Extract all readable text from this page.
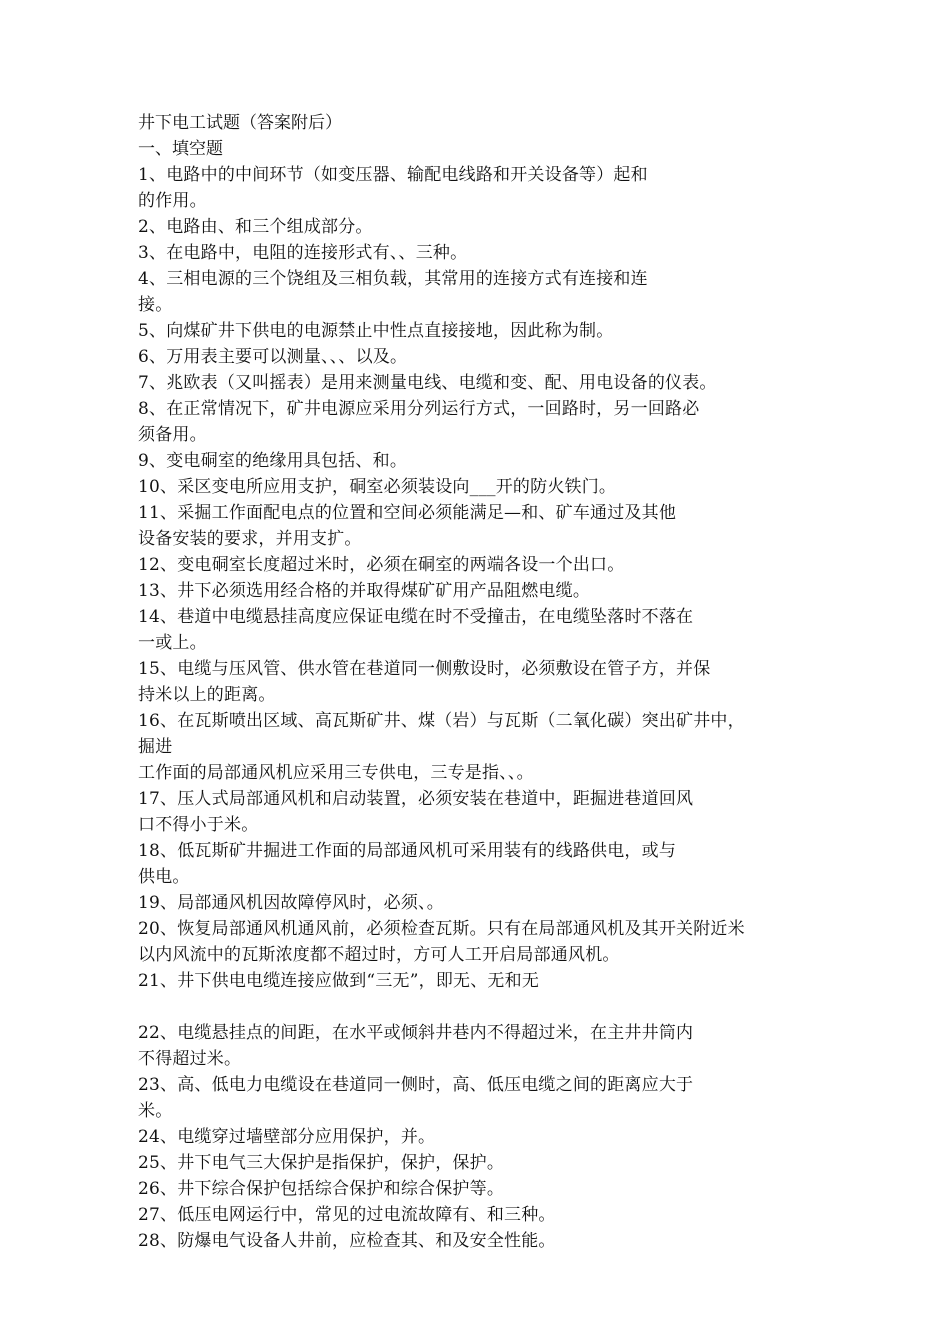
井下电工试题（答案附后）
一、填空题
1、电路中的中间环节（如变压器、输配电线路和开关设备等）起和
的作用。
2、电路由、和三个组成部分。
3、在电路中，电阻的连接形式有、、三种。
4、三相电源的三个饶组及三相负载，其常用的连接方式有连接和连
接。
5、向煤矿井下供电的电源禁止中性点直接接地，因此称为制。
6、万用表主要可以测量、、、以及。
7、兆欧表（又叫摇表）是用来测量电线、电缆和变、配、用电设备的仪表。
8、在正常情况下，矿井电源应采用分列运行方式，一回路时，另一回路必
须备用。
9、变电硐室的绝缘用具包括、和。
10、采区变电所应用支护，硐室必须装设向___开的防火铁门。
11、采掘工作面配电点的位置和空间必须能满足—和、矿车通过及其他
设备安装的要求，并用支扩。
12、变电硐室长度超过米时，必须在硐室的两端各设一个出口。
13、井下必须选用经合格的并取得煤矿矿用产品阻燃电缆。
14、巷道中电缆悬挂高度应保证电缆在时不受撞击，在电缆坠落时不落在
一或上。
15、电缆与压风管、供水管在巷道同一侧敷设时，必须敷设在管子方，并保
持米以上的距离。
16、在瓦斯喷出区域、高瓦斯矿井、煤（岩）与瓦斯（二氧化碳）突出矿井中，
掘进
工作面的局部通风机应采用三专供电，三专是指、、。
17、压人式局部通风机和启动装置，必须安装在巷道中，距掘进巷道回风
口不得小于米。
18、低瓦斯矿井掘进工作面的局部通风机可采用装有的线路供电，或与
供电。
19、局部通风机因故障停风时，必须、。
20、恢复局部通风机通风前，必须检查瓦斯。只有在局部通风机及其开关附近米
以内风流中的瓦斯浓度都不超过时，方可人工开启局部通风机。
21、井下供电电缆连接应做到“三无”，即无、无和无
22、电缆悬挂点的间距，在水平或倾斜井巷内不得超过米，在主井井筒内
不得超过米。
23、高、低电力电缆设在巷道同一侧时，高、低压电缆之间的距离应大于
米。
24、电缆穿过墙壁部分应用保护，并。
25、井下电气三大保护是指保护，保护，保护。
26、井下综合保护包括综合保护和综合保护等。
27、低压电网运行中，常见的过电流故障有、和三种。
28、防爆电气设备人井前，应检查其、和及安全性能。
